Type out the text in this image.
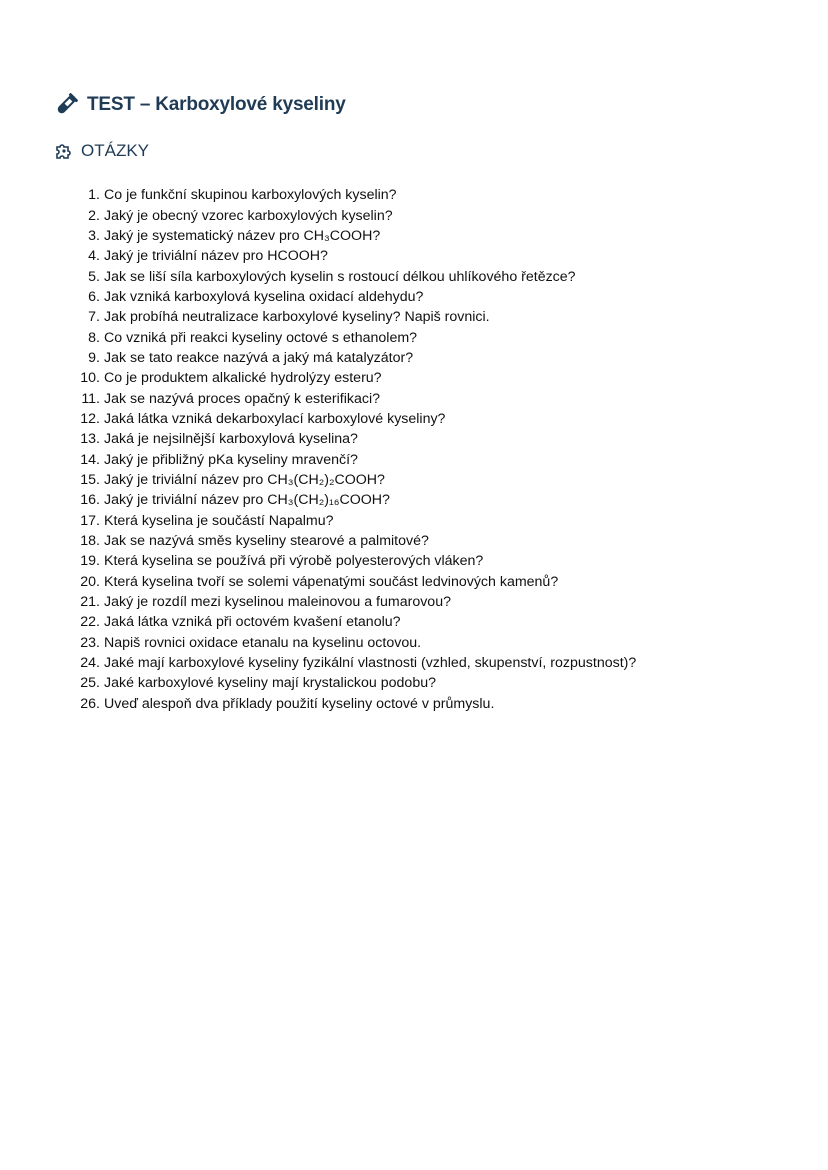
TEST – Karboxylové kyseliny
OTÁZKY
1. Co je funkční skupinou karboxylových kyselin?
2. Jaký je obecný vzorec karboxylových kyselin?
3. Jaký je systematický název pro CH₃COOH?
4. Jaký je triviální název pro HCOOH?
5. Jak se liší síla karboxylových kyselin s rostoucí délkou uhlíkového řetězce?
6. Jak vzniká karboxylová kyselina oxidací aldehydu?
7. Jak probíhá neutralizace karboxylové kyseliny? Napiš rovnici.
8. Co vzniká při reakci kyseliny octové s ethanolem?
9. Jak se tato reakce nazývá a jaký má katalyzátor?
10. Co je produktem alkalické hydrolýzy esteru?
11. Jak se nazývá proces opačný k esterifikaci?
12. Jaká látka vzniká dekarboxylací karboxylové kyseliny?
13. Jaká je nejsilnější karboxylová kyselina?
14. Jaký je přibližný pKa kyseliny mravenčí?
15. Jaký je triviální název pro CH₃(CH₂)₂COOH?
16. Jaký je triviální název pro CH₃(CH₂)₁₆COOH?
17. Která kyselina je součástí Napalmu?
18. Jak se nazývá směs kyseliny stearové a palmitové?
19. Která kyselina se používá při výrobě polyesterových vláken?
20. Která kyselina tvoří se solemi vápenatými součást ledvinových kamenů?
21. Jaký je rozdíl mezi kyselinou maleinovou a fumarovou?
22. Jaká látka vzniká při octovém kvašení etanolu?
23. Napiš rovnici oxidace etanalu na kyselinu octovou.
24. Jaké mají karboxylové kyseliny fyzikální vlastnosti (vzhled, skupenství, rozpustnost)?
25. Jaké karboxylové kyseliny mají krystalickou podobu?
26. Uveď alespoň dva příklady použití kyseliny octové v průmyslu.
